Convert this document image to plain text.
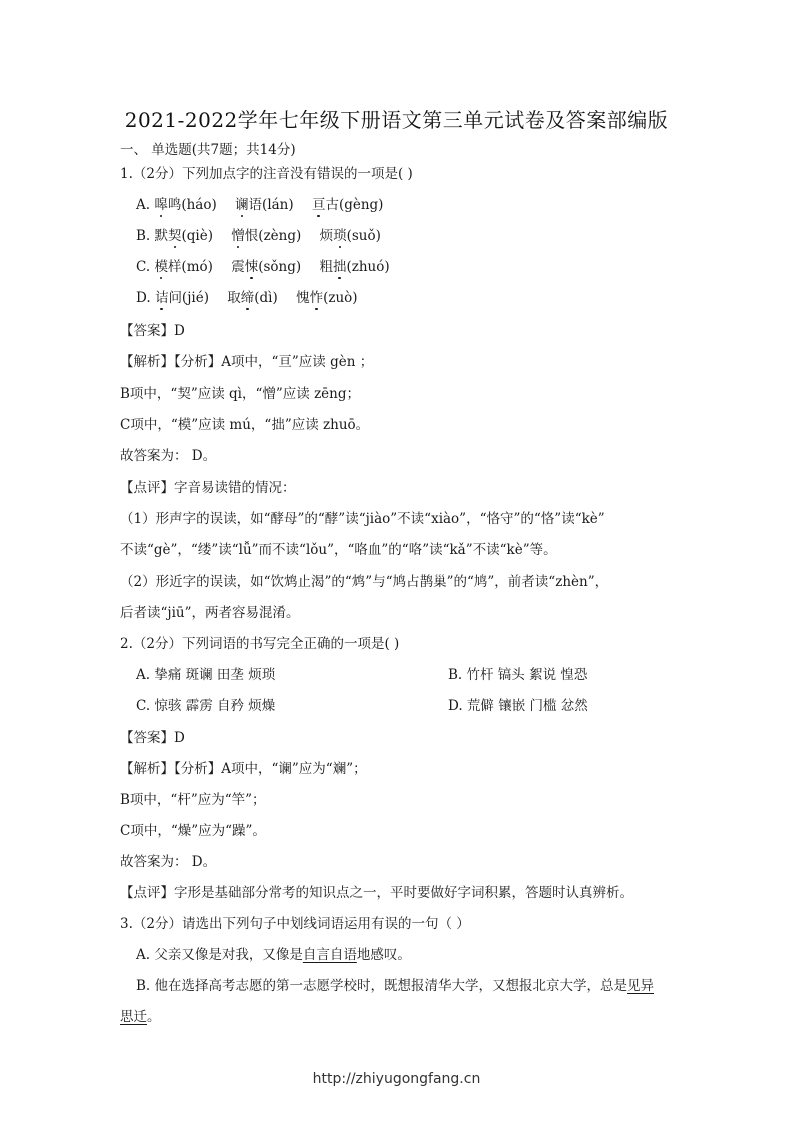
2021-2022学年七年级下册语文第三单元试卷及答案部编版
一、 单选题(共7题；共14分)
1.（2分）下列加点字的注音没有错误的一项是( )
A. 嗥鸣(háo) 谰语(lán) 亘古(gèng)
B. 默契(qiè) 憎恨(zèng) 烦琐(suǒ)
C. 模样(mó) 震悚(sǒng) 粗拙(zhuó)
D. 诘问(jié) 取缔(dì) 愧怍(zuò)
【答案】D
【解析】【分析】A项中，“亘”应读 gèn ；
B项中，“契”应读 qì，“憎”应读 zēng；
C项中，“模”应读 mú，“拙”应读 zhuō。
故答案为： D。
【点评】字音易读错的情况：
（1）形声字的误读，如“酵母”的“酵”读“jiào”不读“xiào”，“恪守”的“恪”读“kè”
不读“gè”，“缕”读“lǚ”而不读“lǒu”，“咯血”的“咯”读“kǎ”不读“kè”等。
（2）形近字的误读，如“饮鸩止渴”的“鸩”与“鸠占鹊巢”的“鸠”，前者读“zhèn”，
后者读“jiū”，两者容易混淆。
2.（2分）下列词语的书写完全正确的一项是( )
A. 挚痛 斑谰 田垄 烦琐	B. 竹杆 镐头 絮说 惶恐
C. 惊骇 霹雳 自矜 烦燥	D. 荒僻 镶嵌 门槛 忿然
【答案】D
【解析】【分析】A项中，“谰”应为“斓”；
B项中，“杆”应为“竿”；
C项中，“燥”应为“躁”。
故答案为： D。
【点评】字形是基础部分常考的知识点之一，平时要做好字词积累，答题时认真辨析。
3.（2分）请选出下列句子中划线词语运用有误的一句（ ）
A. 父亲又像是对我，又像是自言自语地感叹。
B. 他在选择高考志愿的第一志愿学校时，既想报清华大学，又想报北京大学，总是见异
思迁。
http://zhiyugongfang.cn
